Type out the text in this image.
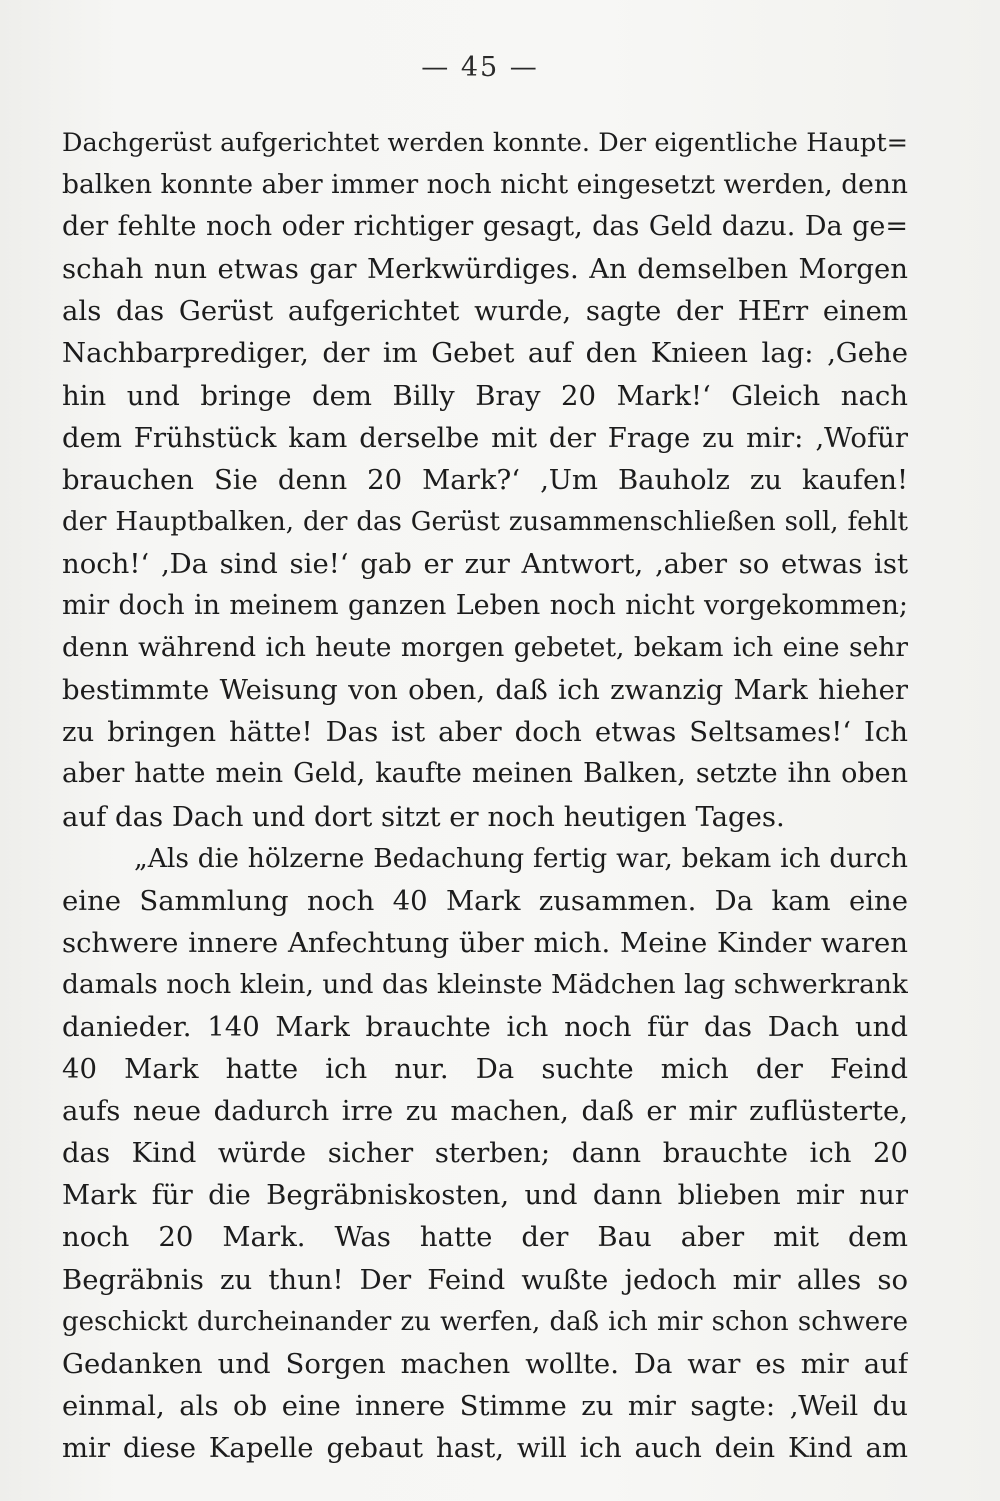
— 45 —
Dachgerüst aufgerichtet werden konnte. Der eigentliche Haupt=
balken konnte aber immer noch nicht eingesetzt werden, denn
der fehlte noch oder richtiger gesagt, das Geld dazu. Da ge=
schah nun etwas gar Merkwürdiges. An demselben Morgen
als das Gerüst aufgerichtet wurde, sagte der HErr einem
Nachbarprediger, der im Gebet auf den Knieen lag: ‚Gehe
hin und bringe dem Billy Bray 20 Mark!‘ Gleich nach
dem Frühstück kam derselbe mit der Frage zu mir: ‚Wofür
brauchen Sie denn 20 Mark?‘ ‚Um Bauholz zu kaufen!
der Hauptbalken, der das Gerüst zusammenschließen soll, fehlt
noch!‘ ‚Da sind sie!‘ gab er zur Antwort, ‚aber so etwas ist
mir doch in meinem ganzen Leben noch nicht vorgekommen;
denn während ich heute morgen gebetet, bekam ich eine sehr
bestimmte Weisung von oben, daß ich zwanzig Mark hieher
zu bringen hätte! Das ist aber doch etwas Seltsames!‘ Ich
aber hatte mein Geld, kaufte meinen Balken, setzte ihn oben
auf das Dach und dort sitzt er noch heutigen Tages.
„Als die hölzerne Bedachung fertig war, bekam ich durch
eine Sammlung noch 40 Mark zusammen. Da kam eine
schwere innere Anfechtung über mich. Meine Kinder waren
damals noch klein, und das kleinste Mädchen lag schwerkrank
danieder. 140 Mark brauchte ich noch für das Dach und
40 Mark hatte ich nur. Da suchte mich der Feind
aufs neue dadurch irre zu machen, daß er mir zuflüsterte,
das Kind würde sicher sterben; dann brauchte ich 20
Mark für die Begräbniskosten, und dann blieben mir nur
noch 20 Mark. Was hatte der Bau aber mit dem
Begräbnis zu thun! Der Feind wußte jedoch mir alles so
geschickt durcheinander zu werfen, daß ich mir schon schwere
Gedanken und Sorgen machen wollte. Da war es mir auf
einmal, als ob eine innere Stimme zu mir sagte: ‚Weil du
mir diese Kapelle gebaut hast, will ich auch dein Kind am
